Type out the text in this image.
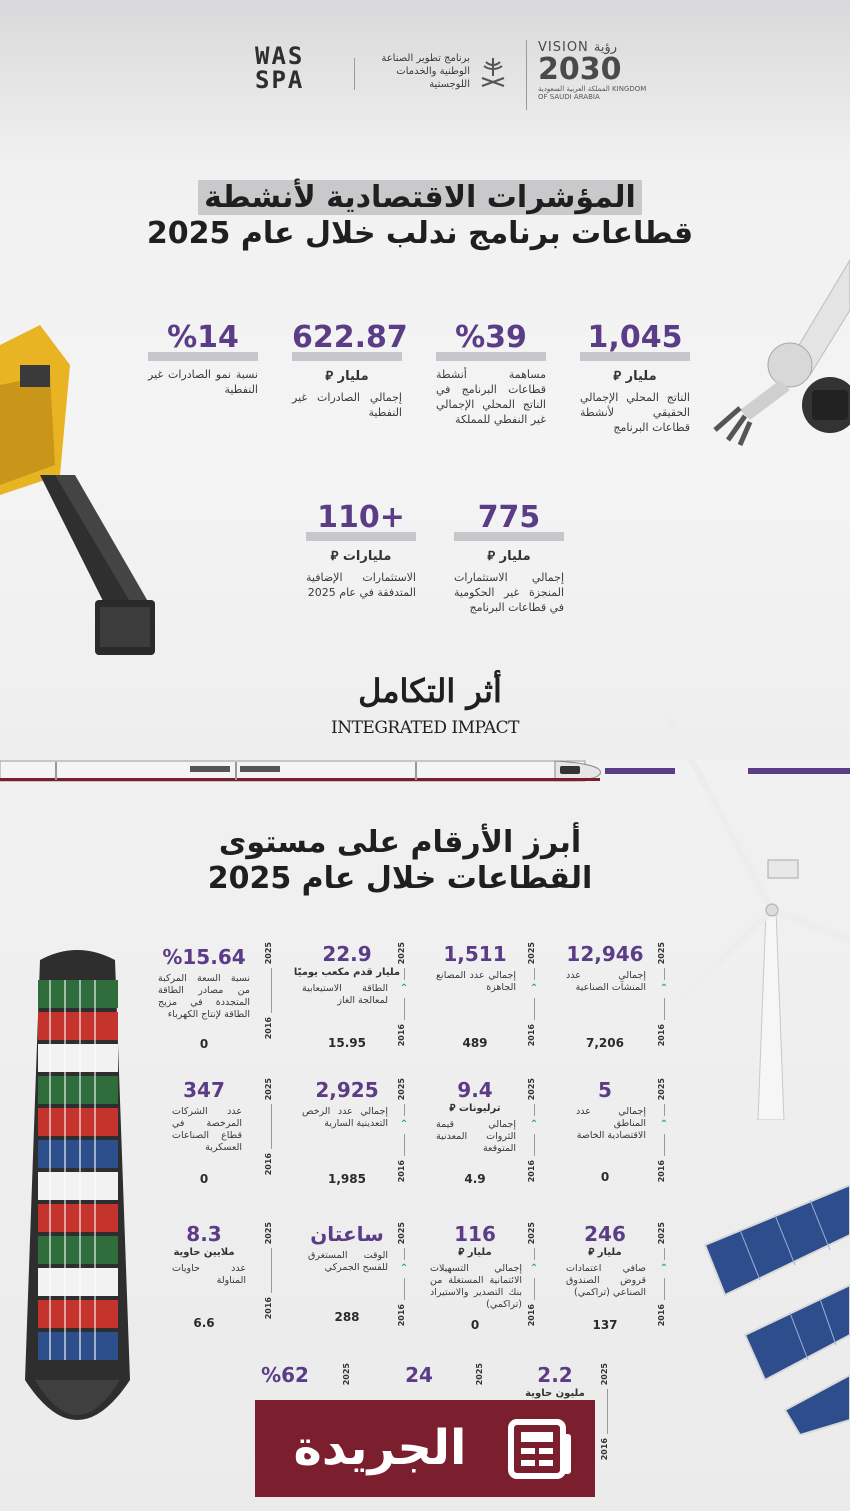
WAS SPA
برنامج تطوير الصناعة الوطنية والخدمات اللوجستية
VISION رؤية
2030
المملكة العربية السعودية KINGDOM OF SAUDI ARABIA
المؤشرات الاقتصادية لأنشطة
قطاعات برنامج ندلب خلال عام 2025
1,045
مليار ⃁
الناتج المحلي الإجمالي الحقيقي لأنشطة قطاعات البرنامج
%39
مساهمة أنشطة قطاعات البرنامج في الناتج المحلي الإجمالي غير النفطي للمملكة
622.87
مليار ⃁
إجمالي الصادرات غير النفطية
%14
نسبة نمو الصادرات غير النفطية
775
مليار ⃁
إجمالي الاستثمارات المنجزة غير الحكومية في قطاعات البرنامج
110+
مليارات ⃁
الاستثمارات الإضافية المتدفقة في عام 2025
أثر التكامل
INTEGRATED IMPACT
أبرز الأرقام على مستوى
القطاعات خلال عام 2025
12,946
إجمالي عدد المنشآت الصناعية
7,206
2025
⌃
2016
1,511
إجمالي عدد المصانع الجاهزة
489
2025
⌃
2016
22.9
مليار قدم مكعب يوميًا
الطاقة الاستيعابية لمعالجة الغاز
15.95
2025
⌃
2016
%15.64
نسبة السعة المركبة من مصادر الطاقة المتجددة في مزيج الطاقة لإنتاج الكهرباء
0
2025
2016
5
إجمالي عدد المناطق الاقتصادية الخاصة
0
2025
⌃
2016
9.4
ترليونات ⃁
إجمالي قيمة الثروات المعدنية المتوقعة
4.9
2025
⌃
2016
2,925
إجمالي عدد الرخص التعدينية السارية
1,985
2025
⌃
2016
347
عدد الشركات المرخصة في قطاع الصناعات العسكرية
0
2025
2016
246
مليار ⃁
صافي اعتمادات قروض الصندوق الصناعي (تراكمي)
137
2025
⌃
2016
116
مليار ⃁
إجمالي التسهيلات الائتمانية المستغلة من بنك التصدير والاستيراد (تراكمي)
0
2025
⌃
2016
ساعتان
الوقت المستغرق للفسح الجمركي
288
2025
⌃
2016
8.3
ملايين حاوية
عدد حاويات المناولة
6.6
2025
2016
2.2
مليون حاوية
2025
2016
24	2025
%62	2025
الجريدة
